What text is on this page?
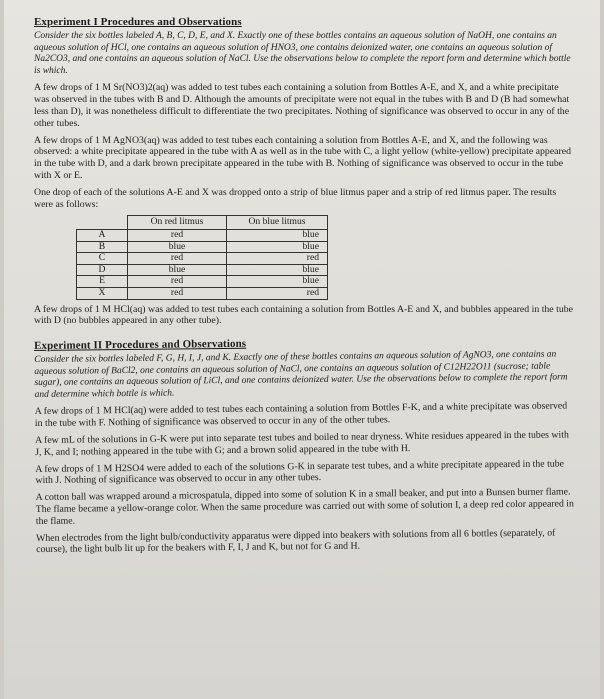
Experiment I Procedures and Observations

Consider the six bottles labeled A, B, C, D, E, and X. Exactly one of these bottles contains an aqueous solution of NaOH, one contains an aqueous solution of HCl, one contains an aqueous solution of HNO3, one contains deionized water, one contains an aqueous solution of Na2CO3, and one contains an aqueous solution of NaCl. Use the observations below to complete the report form and determine which bottle is which.

A few drops of 1 M Sr(NO3)2(aq) was added to test tubes each containing a solution from Bottles A-E, and X, and a white precipitate was observed in the tubes with B and D. Although the amounts of precipitate were not equal in the tubes with B and D (B had somewhat less than D), it was nonetheless difficult to differentiate the two precipitates. Nothing of significance was observed to occur in any of the other tubes.

A few drops of 1 M AgNO3(aq) was added to test tubes each containing a solution from Bottles A-E, and X, and the following was observed: a white precipitate appeared in the tube with A as well as in the tube with C, a light yellow (white-yellow) precipitate appeared in the tube with D, and a dark brown precipitate appeared in the tube with B. Nothing of significance was observed to occur in the tube with X or E.

One drop of each of the solutions A-E and X was dropped onto a strip of blue litmus paper and a strip of red litmus paper. The results were as follows:

	On red litmus	On blue litmus
A	red	blue
B	blue	blue
C	red	red
D	blue	blue
E	red	blue
X	red	red

A few drops of 1 M HCl(aq) was added to test tubes each containing a solution from Bottles A-E and X, and bubbles appeared in the tube with D (no bubbles appeared in any other tube).

Experiment II Procedures and Observations

Consider the six bottles labeled F, G, H, I, J, and K. Exactly one of these bottles contains an aqueous solution of AgNO3, one contains an aqueous solution of BaCl2, one contains an aqueous solution of NaCl, one contains an aqueous solution of C12H22O11 (sucrose; table sugar), one contains an aqueous solution of LiCl, and one contains deionized water. Use the observations below to complete the report form and determine which bottle is which.

A few drops of 1 M HCl(aq) were added to test tubes each containing a solution from Bottles F-K, and a white precipitate was observed in the tube with F. Nothing of significance was observed to occur in any of the other tubes.

A few mL of the solutions in G-K were put into separate test tubes and boiled to near dryness. White residues appeared in the tubes with J, K, and I; nothing appeared in the tube with G; and a brown solid appeared in the tube with H.

A few drops of 1 M H2SO4 were added to each of the solutions G-K in separate test tubes, and a white precipitate appeared in the tube with J. Nothing of significance was observed to occur in any other tubes.

A cotton ball was wrapped around a microspatula, dipped into some of solution K in a small beaker, and put into a Bunsen burner flame. The flame became a yellow-orange color. When the same procedure was carried out with some of solution I, a deep red color appeared in the flame.

When electrodes from the light bulb/conductivity apparatus were dipped into beakers with solutions from all 6 bottles (separately, of course), the light bulb lit up for the beakers with F, I, J and K, but not for G and H.
